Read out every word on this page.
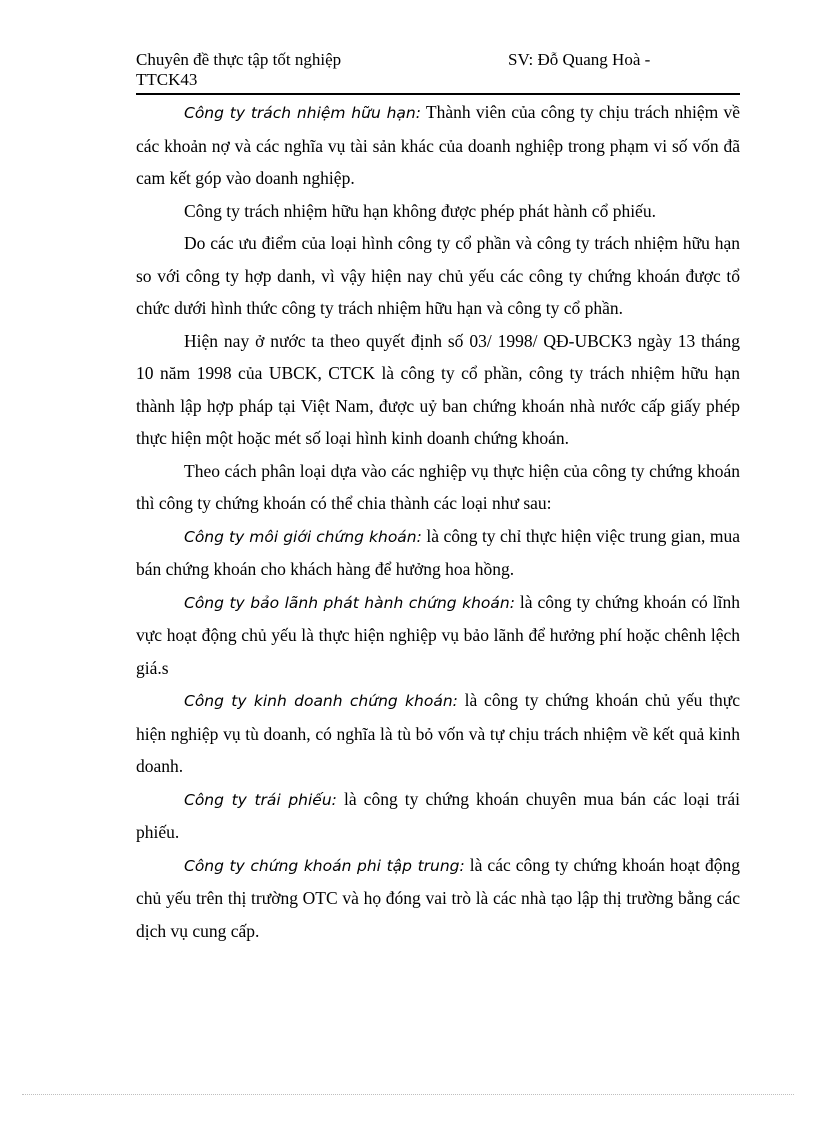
Chuyên đề thực tập tốt nghiệp TTCK43
SV: Đỗ Quang Hoà -

Công ty trách nhiệm hữu hạn: Thành viên của công ty chịu trách nhiệm về các khoản nợ và các nghĩa vụ tài sản khác của doanh nghiệp trong phạm vi số vốn đã cam kết góp vào doanh nghiệp.

Công ty trách nhiệm hữu hạn không được phép phát hành cổ phiếu.

Do các ưu điểm của loại hình công ty cổ phần và công ty trách nhiệm hữu hạn so với công ty hợp danh, vì vậy hiện nay chủ yếu các công ty chứng khoán được tổ chức dưới hình thức công ty trách nhiệm hữu hạn và công ty cổ phần.

Hiện nay ở nước ta theo quyết định số 03/ 1998/ QĐ-UBCK3 ngày 13 tháng 10 năm 1998 của UBCK, CTCK là công ty cổ phần, công ty trách nhiệm hữu hạn thành lập hợp pháp tại Việt Nam, được uỷ ban chứng khoán nhà nước cấp giấy phép thực hiện một hoặc mét số loại hình kinh doanh chứng khoán.

Theo cách phân loại dựa vào các nghiệp vụ thực hiện của công ty chứng khoán thì công ty chứng khoán có thể chia thành các loại như sau:

Công ty môi giới chứng khoán: là công ty chỉ thực hiện việc trung gian, mua bán chứng khoán cho khách hàng để hưởng hoa hồng.

Công ty bảo lãnh phát hành chứng khoán: là công ty chứng khoán có lĩnh vực hoạt động chủ yếu là thực hiện nghiệp vụ bảo lãnh để hưởng phí hoặc chênh lệch giá.s

Công ty kinh doanh chứng khoán: là công ty chứng khoán chủ yếu thực hiện nghiệp vụ tù doanh, có nghĩa là tù bỏ vốn và tự chịu trách nhiệm về kết quả kinh doanh.

Công ty trái phiếu: là công ty chứng khoán chuyên mua bán các loại trái phiếu.

Công ty chứng khoán phi tập trung: là các công ty chứng khoán hoạt động chủ yếu trên thị trường OTC và họ đóng vai trò là các nhà tạo lập thị trường bằng các dịch vụ cung cấp.
